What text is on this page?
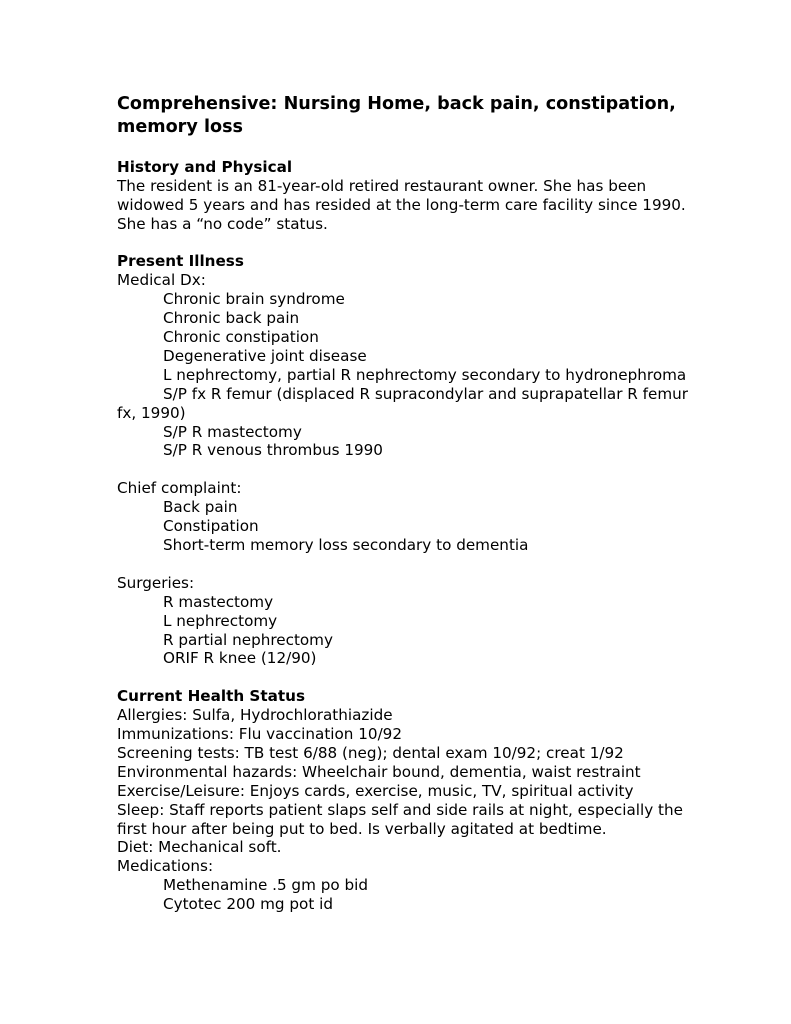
Comprehensive: Nursing Home, back pain, constipation, memory loss
History and Physical

The resident is an 81-year-old retired restaurant owner. She has been widowed 5 years and has resided at the long-term care facility since 1990. She has a “no code” status.

Present Illness

Medical Dx:

Chronic brain syndrome

Chronic back pain

Chronic constipation

Degenerative joint disease

L nephrectomy, partial R nephrectomy secondary to hydronephroma

S/P fx R femur (displaced R supracondylar and suprapatellar R femur fx, 1990)

S/P R mastectomy

S/P R venous thrombus 1990

Chief complaint:

Back pain

Constipation

Short-term memory loss secondary to dementia

Surgeries:

R mastectomy

L nephrectomy

R partial nephrectomy

ORIF R knee (12/90)

Current Health Status

Allergies: Sulfa, Hydrochlorathiazide

Immunizations: Flu vaccination 10/92

Screening tests: TB test 6/88 (neg); dental exam 10/92; creat 1/92

Environmental hazards: Wheelchair bound, dementia, waist restraint

Exercise/Leisure: Enjoys cards, exercise, music, TV, spiritual activity

Sleep: Staff reports patient slaps self and side rails at night, especially the first hour after being put to bed. Is verbally agitated at bedtime.

Diet: Mechanical soft.

Medications:

Methenamine .5 gm po bid

Cytotec 200 mg pot id
